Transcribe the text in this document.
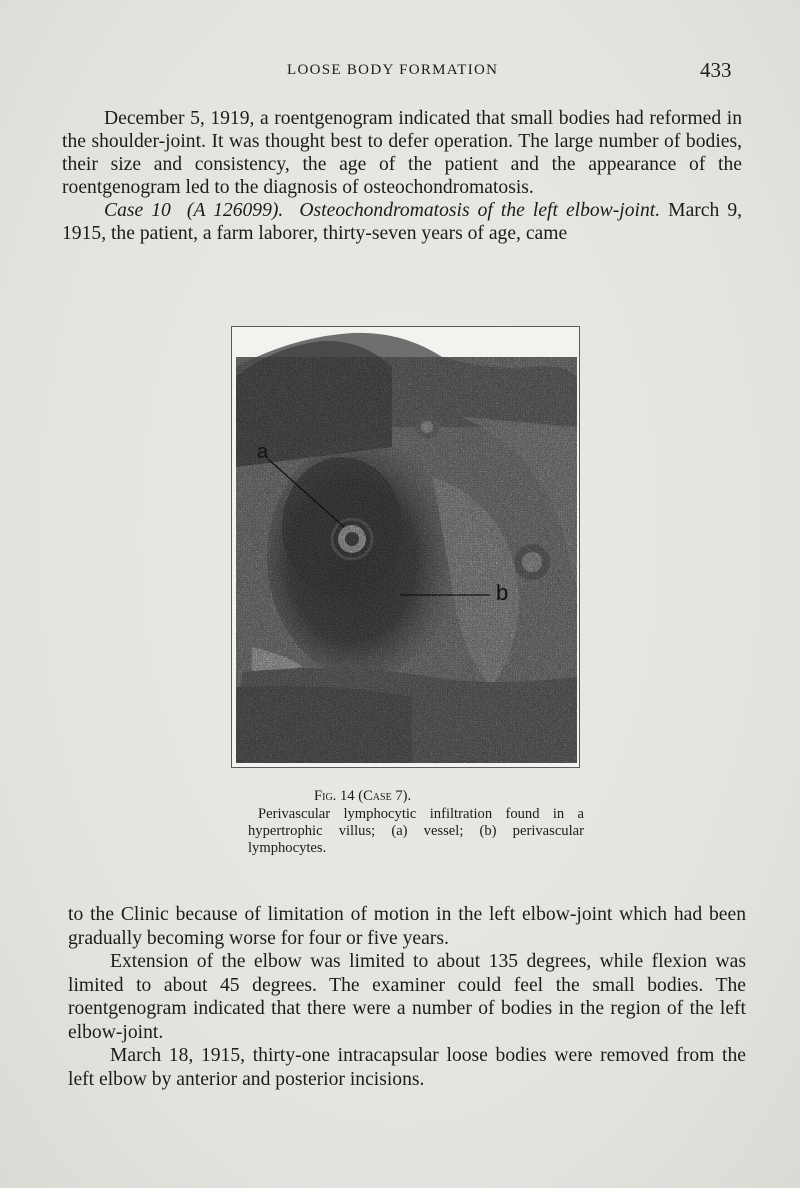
LOOSE BODY FORMATION	433

December 5, 1919, a roentgenogram indicated that small bodies had reformed in the shoulder-joint. It was thought best to defer operation. The large number of bodies, their size and consistency, the age of the patient and the appearance of the roentgenogram led to the diagnosis of osteochondromatosis.

Case 10 (A 126099). Osteochondromatosis of the left elbow-joint. March 9, 1915, the patient, a farm laborer, thirty-seven years of age, came

a
b
Fig. 14 (Case 7).
Perivascular lymphocytic infiltration found in a hypertrophic villus; (a) vessel; (b) perivascular lymphocytes.

to the Clinic because of limitation of motion in the left elbow-joint which had been gradually becoming worse for four or five years.

Extension of the elbow was limited to about 135 degrees, while flexion was limited to about 45 degrees. The examiner could feel the small bodies. The roentgenogram indicated that there were a number of bodies in the region of the left elbow-joint.

March 18, 1915, thirty-one intracapsular loose bodies were removed from the left elbow by anterior and posterior incisions.
